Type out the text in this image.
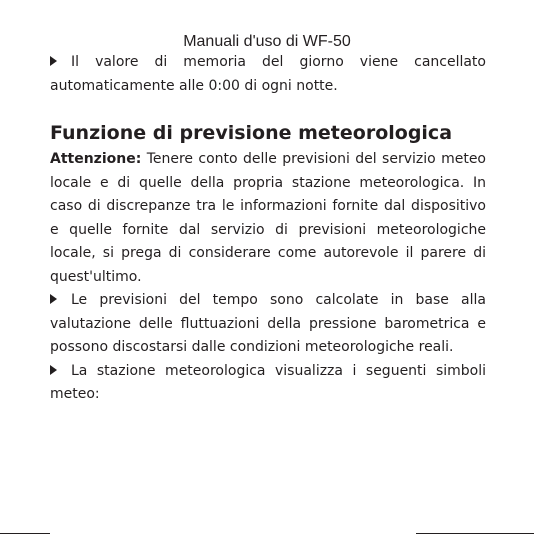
Manuali d'uso di WF-50

Il valore di memoria del giorno viene cancellato automaticamente alle 0:00 di ogni notte.

Funzione di previsione meteorologica

Attenzione: Tenere conto delle previsioni del servizio meteo locale e di quelle della propria stazione meteorologica. In caso di discrepanze tra le informazioni fornite dal dispositivo e quelle fornite dal servizio di previsioni meteorologiche locale, si prega di considerare come autorevole il parere di quest'ultimo.

Le previsioni del tempo sono calcolate in base alla valutazione delle fluttuazioni della pressione barometrica e possono discostarsi dalle condizioni meteorologiche reali.

La stazione meteorologica visualizza i seguenti simboli meteo:
